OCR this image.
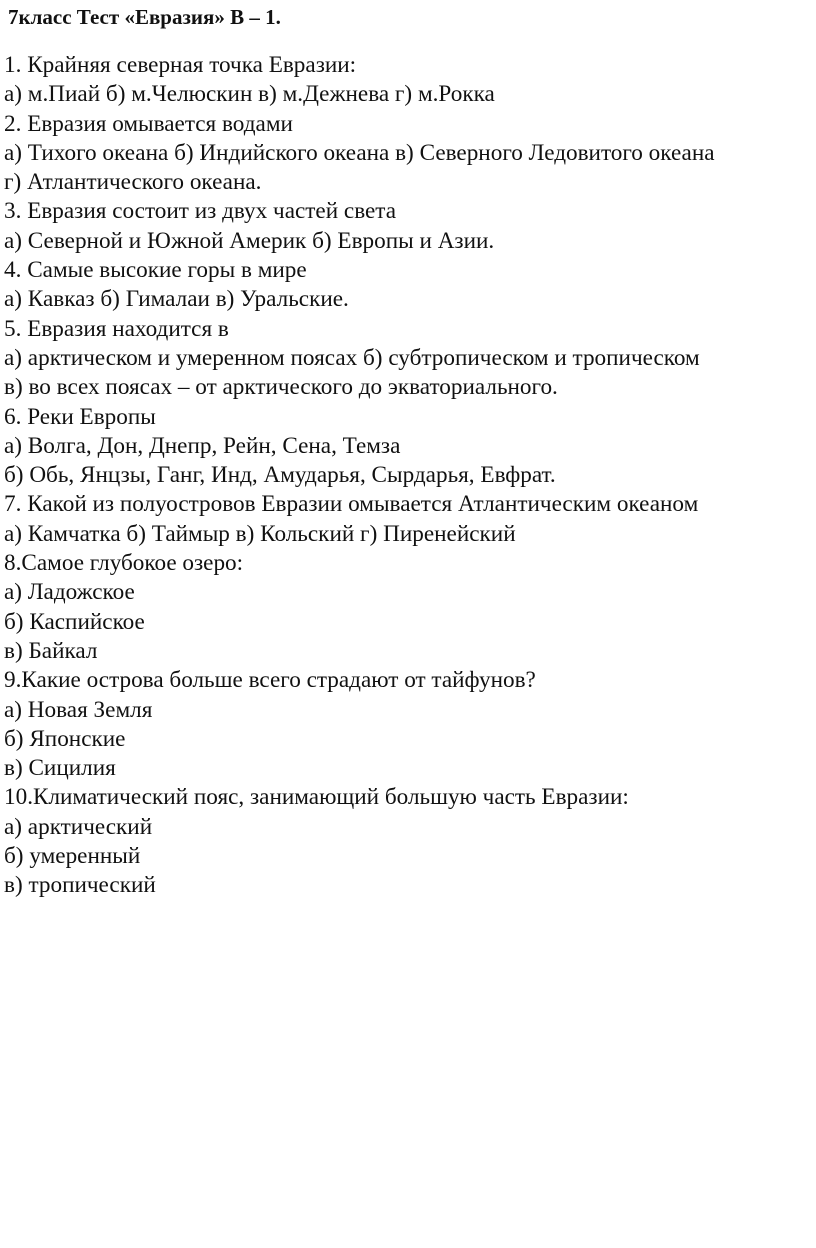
7класс Тест «Евразия» В – 1.

1. Крайняя северная точка Евразии:

а) м.Пиай б) м.Челюскин в) м.Дежнева г) м.Рокка

2. Евразия омывается водами

а) Тихого океана б) Индийского океана в) Северного Ледовитого океана

г) Атлантического океана.

3. Евразия состоит из двух частей света

а) Северной и Южной Америк б) Европы и Азии.

4. Самые высокие горы в мире

а) Кавказ б) Гималаи в) Уральские.

5. Евразия находится в

а) арктическом и умеренном поясах б) субтропическом и тропическом

в) во всех поясах – от арктического до экваториального.

6. Реки Европы

а) Волга, Дон, Днепр, Рейн, Сена, Темза

б) Обь, Янцзы, Ганг, Инд, Амударья, Сырдарья, Евфрат.

7. Какой из полуостровов Евразии омывается Атлантическим океаном

а) Камчатка б) Таймыр в) Кольский г) Пиренейский

8.Самое глубокое озеро:

а) Ладожское

б) Каспийское

в) Байкал

9.Какие острова больше всего страдают от тайфунов?

а) Новая Земля

б) Японские

в) Сицилия

10.Климатический пояс, занимающий большую часть Евразии:

а) арктический

б) умеренный

в) тропический
